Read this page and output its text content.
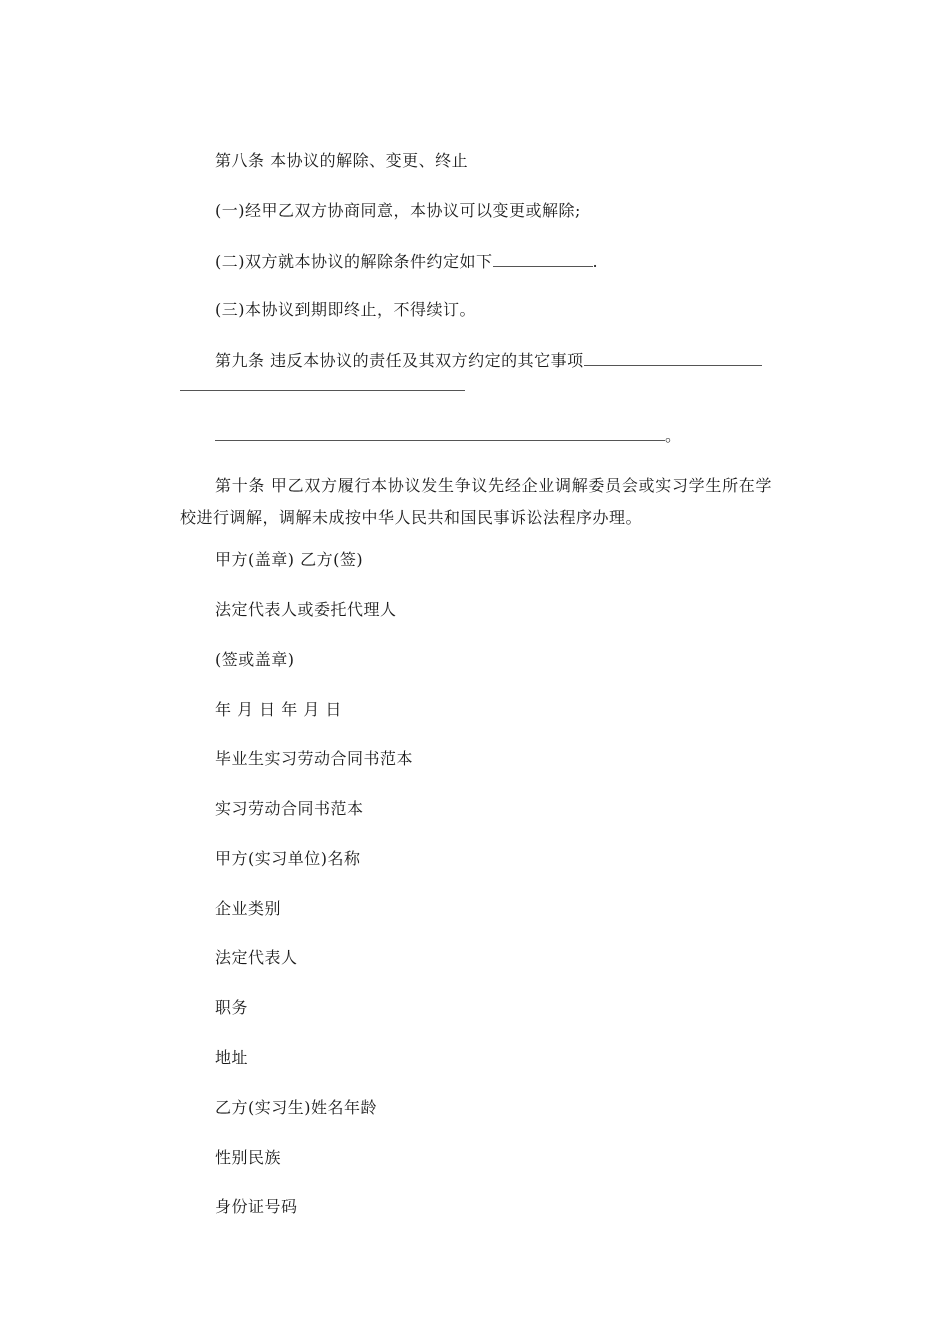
第八条 本协议的解除、变更、终止
(一)经甲乙双方协商同意，本协议可以变更或解除;
(二)双方就本协议的解除条件约定如下	.
(三)本协议到期即终止，不得续订。
第九条 违反本协议的责任及其双方约定的其它事项
。
第十条 甲乙双方履行本协议发生争议先经企业调解委员会或实习学生所在学校进行调解，调解未成按中华人民共和国民事诉讼法程序办理。
甲方(盖章) 乙方(签)
法定代表人或委托代理人
(签或盖章)
年 月 日 年 月 日
毕业生实习劳动合同书范本
实习劳动合同书范本
甲方(实习单位)名称
企业类别
法定代表人
职务
地址
乙方(实习生)姓名年龄
性别民族
身份证号码
